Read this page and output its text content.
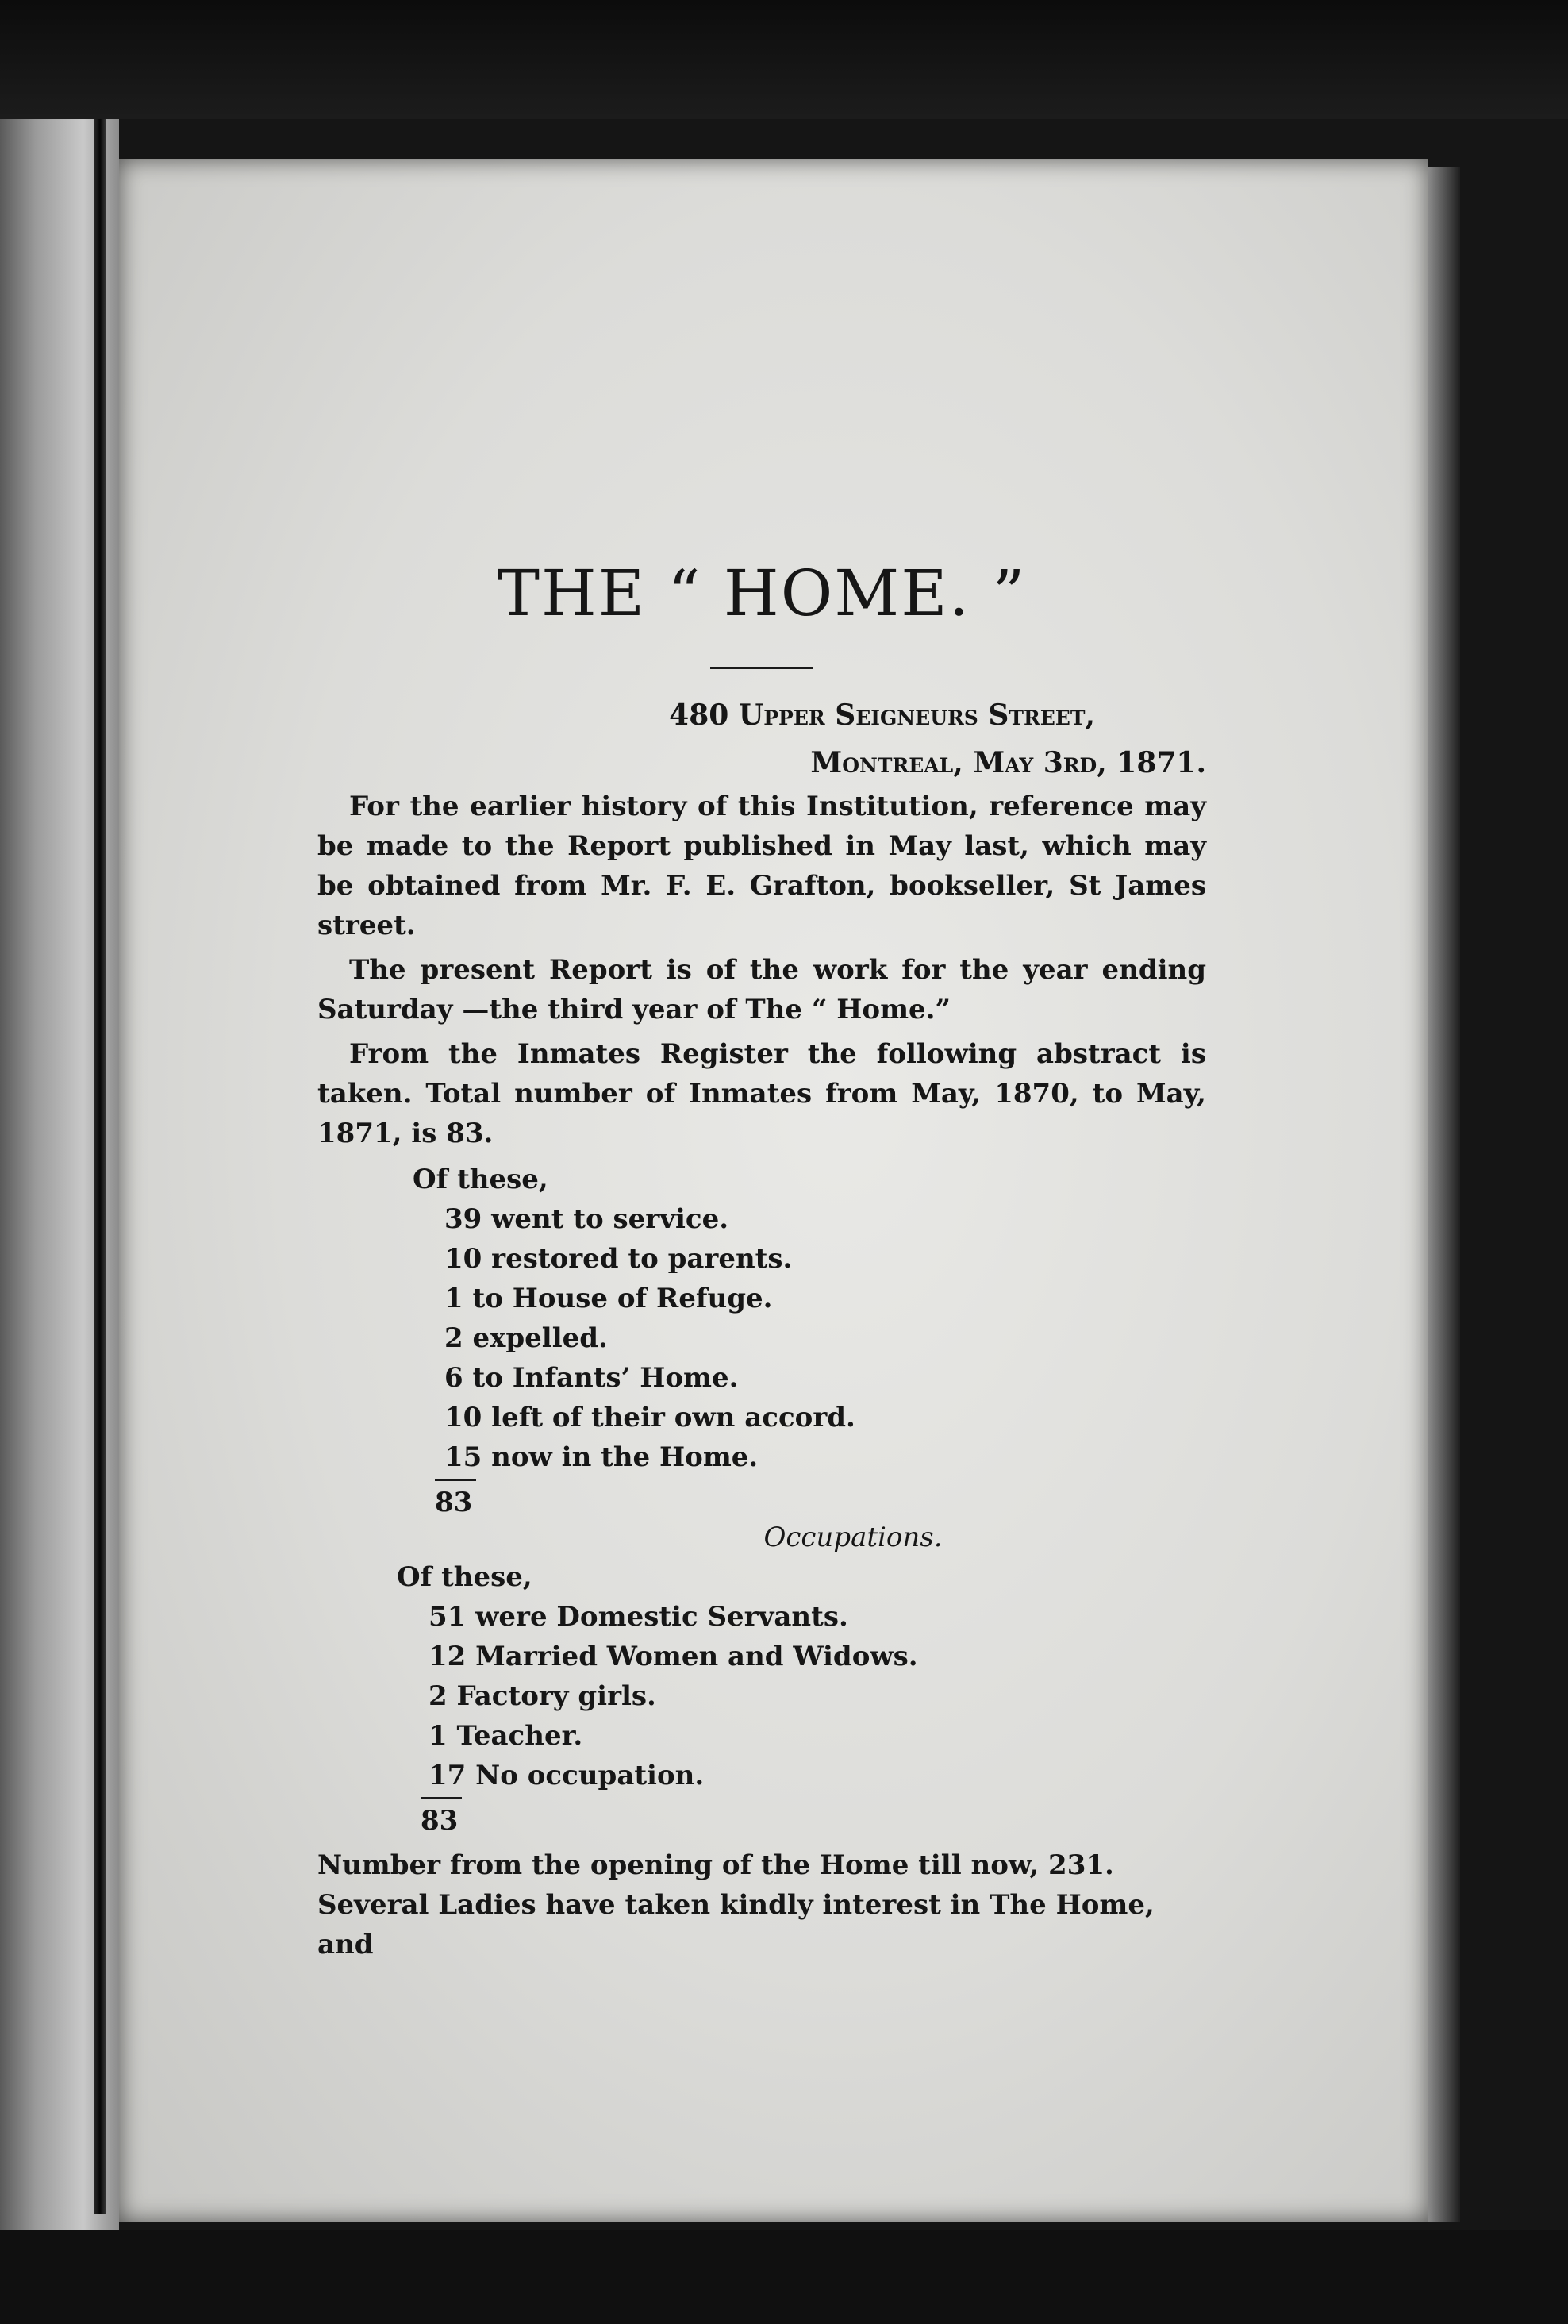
THE “ HOME. ”
480 Upper Seigneurs Street,
Montreal, May 3rd, 1871.

For the earlier history of this Institution, reference may be made to the Report published in May last, which may be obtained from Mr. F. E. Grafton, bookseller, St James street.

The present Report is of the work for the year ending Saturday —the third year of The “ Home.”

From the Inmates Register the following abstract is taken. Total number of Inmates from May, 1870, to May, 1871, is 83.

Of these,
39 went to service.
10 restored to parents.
1 to House of Refuge.
2 expelled.
6 to Infants’ Home.
10 left of their own accord.
15 now in the Home.
83
Occupations.
Of these,
51 were Domestic Servants.
12 Married Women and Widows.
2 Factory girls.
1 Teacher.
17 No occupation.
83
Number from the opening of the Home till now, 231.
Several Ladies have taken kindly interest in The Home, and
